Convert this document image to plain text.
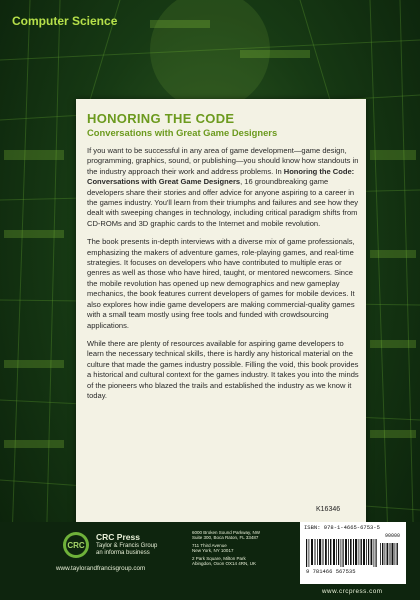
Computer Science
HONORING THE CODE
Conversations with Great Game Designers

If you want to be successful in any area of game development—game design, programming, graphics, sound, or publishing—you should know how standouts in the industry approach their work and address problems. In Honoring the Code: Conversations with Great Game Designers, 16 groundbreaking game developers share their stories and offer advice for anyone aspiring to a career in the games industry. You'll learn from their triumphs and failures and see how they dealt with sweeping changes in technology, including critical paradigm shifts from CD-ROMs and 3D graphic cards to the Internet and mobile revolution.

The book presents in-depth interviews with a diverse mix of game professionals, emphasizing the makers of adventure games, role-playing games, and real-time strategies. It focuses on developers who have contributed to multiple eras or genres as well as those who have hired, taught, or mentored newcomers. Since the mobile revolution has opened up new demographics and new gameplay mechanics, the book features current developers of games for mobile devices. It also explores how indie game developers are making commercial-quality games with a small team mostly using free tools and funded with crowdsourcing applications.

While there are plenty of resources available for aspiring game developers to learn the necessary technical skills, there is hardly any historical material on the culture that made the games industry possible. Filling the void, this book provides a historical and cultural context for the games industry. It takes you into the minds of the pioneers who blazed the trails and established the industry as we know it today.

K16346
CRC
CRC Press
Taylor & Francis Group
an informa business
www.taylorandfrancisgroup.com
6000 Broken Sound Parkway, NW
Suite 300, Boca Raton, FL 33487
711 Third Avenue
New York, NY 10017
2 Park Square, Milton Park
Abingdon, Oxon OX14 4RN, UK
ISBN: 978-1-4665-6753-5
90000
9 781466 567535
www.crcpress.com
